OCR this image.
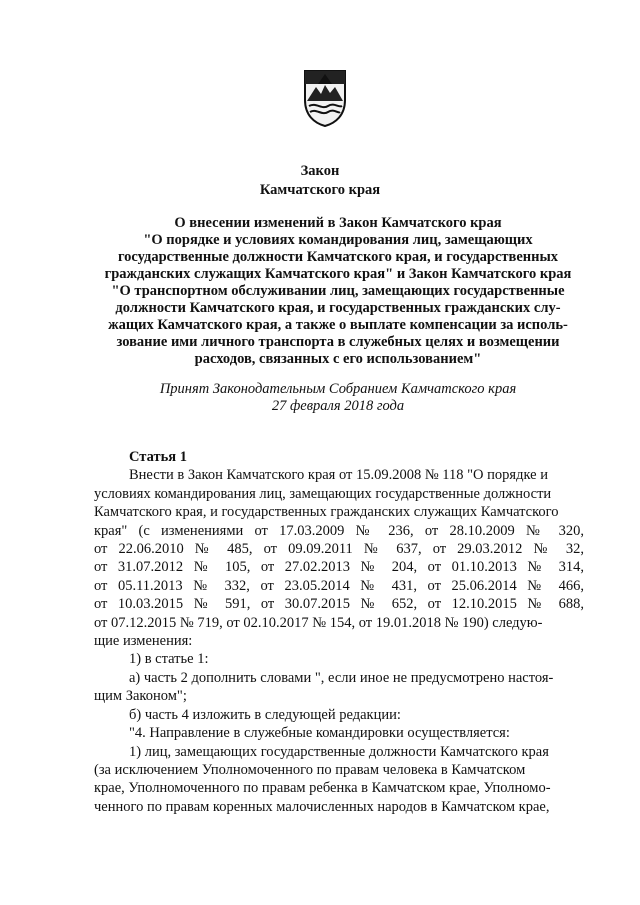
Закон
Камчатского края
О внесении изменений в Закон Камчатского края
"О порядке и условиях командирования лиц, замещающих
государственные должности Камчатского края, и государственных
гражданских служащих Камчатского края" и Закон Камчатского края
"О транспортном обслуживании лиц, замещающих государственные
должности Камчатского края, и государственных гражданских слу-
жащих Камчатского края, а также о выплате компенсации за исполь-
зование ими личного транспорта в служебных целях и возмещении
расходов, связанных с его использованием"
Принят Законодательным Собранием Камчатского края
27 февраля 2018 года

Статья 1

Внести в Закон Камчатского края от 15.09.2008 № 118 "О порядке и
условиях командирования лиц, замещающих государственные должности
Камчатского края, и государственных гражданских служащих Камчатского
края" (с изменениями от 17.03.2009 № 236, от 28.10.2009 № 320,
от 22.06.2010 № 485, от 09.09.2011 № 637, от 29.03.2012 № 32,
от 31.07.2012 № 105, от 27.02.2013 № 204, от 01.10.2013 № 314,
от 05.11.2013 № 332, от 23.05.2014 № 431, от 25.06.2014 № 466,
от 10.03.2015 № 591, от 30.07.2015 № 652, от 12.10.2015 № 688,
от 07.12.2015 № 719, от 02.10.2017 № 154, от 19.01.2018 № 190) следую-
щие изменения:

1) в статье 1:

а) часть 2 дополнить словами ", если иное не предусмотрено настоя-
щим Законом";

б) часть 4 изложить в следующей редакции:

"4. Направление в служебные командировки осуществляется:

1) лиц, замещающих государственные должности Камчатского края
(за исключением Уполномоченного по правам человека в Камчатском
крае, Уполномоченного по правам ребенка в Камчатском крае, Уполномо-
ченного по правам коренных малочисленных народов в Камчатском крае,
